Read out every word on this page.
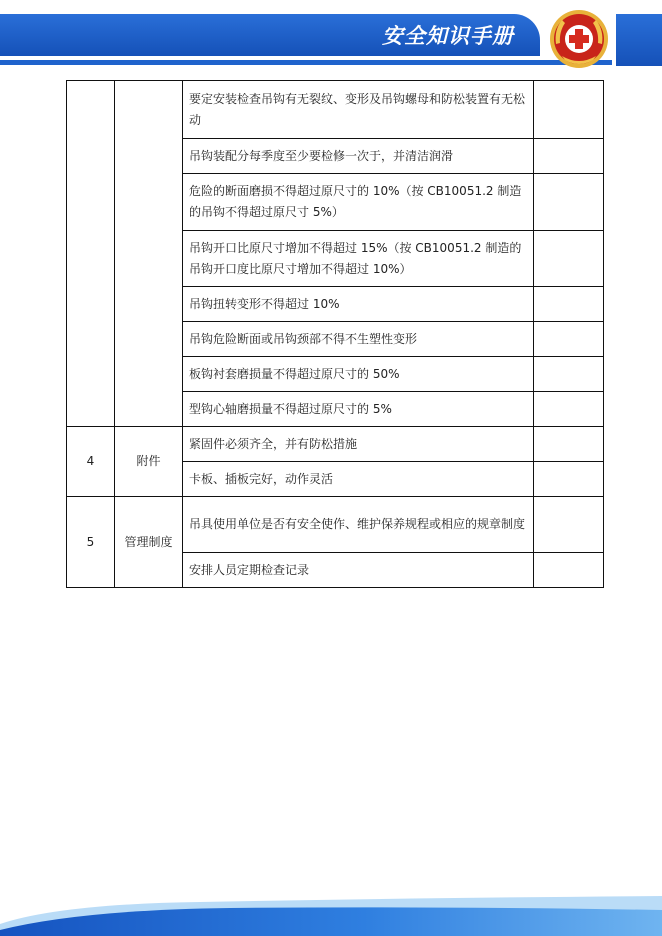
安全知识手册
		要定安装检查吊钩有无裂纹、变形及吊钩螺母和防松装置有无松动	
		吊钩装配分每季度至少要检修一次于，并清洁润滑	
		危险的断面磨损不得超过原尺寸的 10%（按 CB10051.2 制造的吊钩不得超过原尺寸 5%）	
		吊钩开口比原尺寸增加不得超过 15%（按 CB10051.2 制造的吊钩开口度比原尺寸增加不得超过 10%）	
		吊钩扭转变形不得超过 10%	
		吊钩危险断面或吊钩颈部不得不生塑性变形	
		板钩衬套磨损量不得超过原尺寸的 50%	
		型钩心轴磨损量不得超过原尺寸的 5%	
4	附件	紧固件必须齐全，并有防松措施	
		卡板、插板完好，动作灵活	
5	管理制度	吊具使用单位是否有安全使作、维护保养规程或相应的规章制度	
		安排人员定期检查记录	
